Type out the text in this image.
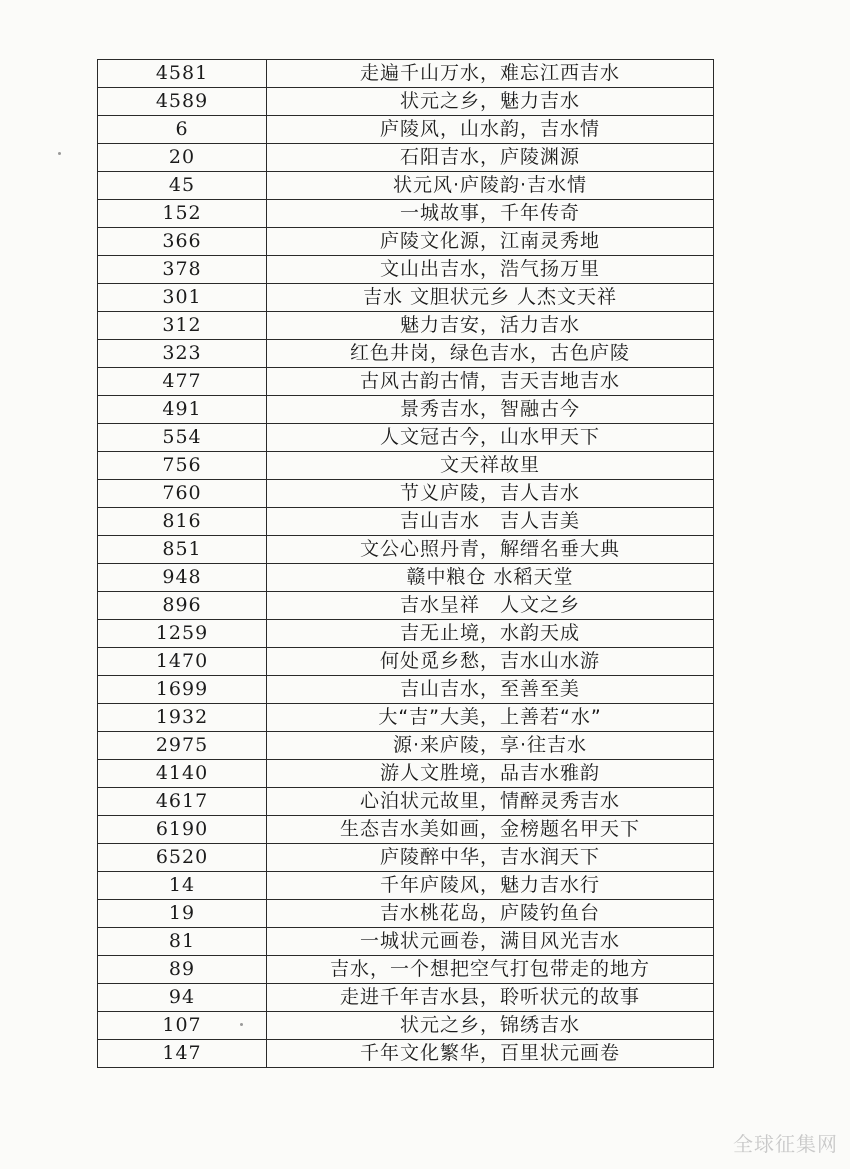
4581	走遍千山万水，难忘江西吉水
4589	状元之乡，魅力吉水
6	庐陵风，山水韵，吉水情
20	石阳吉水，庐陵渊源
45	状元风·庐陵韵·吉水情
152	一城故事，千年传奇
366	庐陵文化源，江南灵秀地
378	文山出吉水，浩气扬万里
301	吉水 文胆状元乡 人杰文天祥
312	魅力吉安，活力吉水
323	红色井岗，绿色吉水，古色庐陵
477	古风古韵古情，吉天吉地吉水
491	景秀吉水，智融古今
554	人文冠古今，山水甲天下
756	文天祥故里
760	节义庐陵，吉人吉水
816	吉山吉水　吉人吉美
851	文公心照丹青，解缙名垂大典
948	赣中粮仓 水稻天堂
896	吉水呈祥　人文之乡
1259	吉无止境，水韵天成
1470	何处觅乡愁，吉水山水游
1699	吉山吉水，至善至美
1932	大“吉”大美，上善若“水”
2975	源·来庐陵，享·往吉水
4140	游人文胜境，品吉水雅韵
4617	心泊状元故里，情醉灵秀吉水
6190	生态吉水美如画，金榜题名甲天下
6520	庐陵醉中华，吉水润天下
14	千年庐陵风，魅力吉水行
19	吉水桃花岛，庐陵钓鱼台
81	一城状元画卷，满目风光吉水
89	吉水，一个想把空气打包带走的地方
94	走进千年吉水县，聆听状元的故事
107	状元之乡，锦绣吉水
147	千年文化繁华，百里状元画卷
全球征集网
